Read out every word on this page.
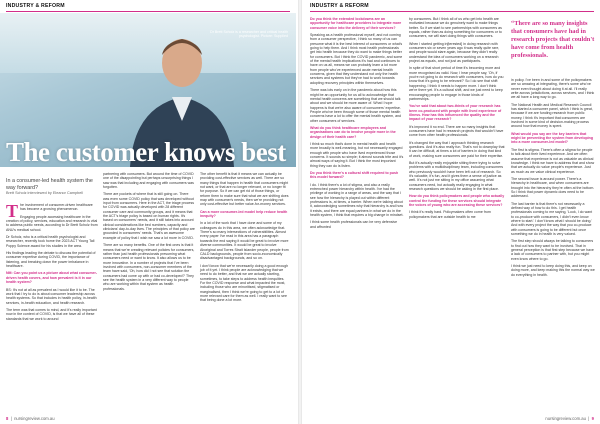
INDUSTRY & REFORM
Dr Brett Scholz is a researcher and critical health psychologist. Picture: Supplied
The customer knows best
In a consumer-led health system the way forward?
Brett Scholz interviewed by Eleanor Campbell

The involvement of consumer-driven healthcare has become a growing phenomenon.

Engaging people accessing healthcare in the creation of policy, services, education and research is vital to address public needs, according to Dr Brett Scholz from ANU's medical school.

Dr Scholz, who is a critical health psychologist and researcher, recently took home the 2023 ACT Young Tall Poppy Science award for his studies in the area.

His findings leading the debate to discuss the potential of consumer expertise during COVID, the importance of listening, and breaking down the power imbalance in healthcare.

NM: Can you point us a picture about what consumer-driven health covers, and how prevalent is it in our health system?

BS: It's not at all as prevalent as I would like it to be. The work that I try to do is about consumer leadership across health systems. So that includes in health policy, in-health services, in-health education, and health research.

The term was that comes to mind, and it's really important now in the context of COVID, is that we have all of these standards that we work to around

partnering with consumers. But around the time of COVID one of the disappointing but perhaps unsurprising things I saw was that including and engaging with consumers was forgotten.

There are pockets of where that is still going on. There was even some COVID policy that was developed without input from consumers. Here in the ACT, the triage process for COVID was actually developed with 28 different consumer care and community groups, and it means that the ACT's triage policy is based on human rights. It's based on consumers' needs, and it still takes into account clinical considerations like bed numbers, capacity and clinicians' day-to-day lives. The principles of that policy are grounded in consumers' needs. That's an awesome example of policy that I wish we saw a lot more in COVID.

There are so many benefits. One of the first ones is that it means that we're creating relevant policies for consumers, rather than just health professionals presuming what consumers need or want to know. It also allows us to be more innovative. In a number of projects that I've been involved with consumers, non-consumer members of the team have said, 'Oh, how did I not see that solution the consumers had come up with or had co-developed?' They see the health system in a very different way to people who are working within that system as health professionals.

The other benefit is that it means we can actually be providing cost-effective services as well. There are so many things that happen in health that consumers might not want, or that are no longer relevant, or no longer fit for purpose. So if we can get rid of those things, or reform them to make sure that what we are shifting does map with consumer's needs, then we're providing not only cost-effective but better value-for-money services.

Can a more consumer-led model help reduce health inequity?

In a lot of the work that I have done and some of my colleagues do in this area, we often acknowledge that. There's so many intersections of vulnerabilities. Almost every paper I've read in this area has a paragraph towards the end saying it would be great to involve more diverse communities. It would be great to involve Aboriginal and Torres Strait Islander people, people from CALD backgrounds, people from socio-economically disadvantaged backgrounds, and so on.

I don't know that we're necessarily doing a good enough job of it yet. I think people are acknowledging that we need to do better, and that we are actually starting, sometimes, to take steps to address health inequities. For the COVID response and what impacted the most, including those who are minoritised, stigmatised or marginalised, then I think we're going to get to a lot of more relevant care for them as well. I really want to see that being done a lot more.

8  |  nursingreview.com.au
INDUSTRY & REFORM

Do you think the extended lockdowns are an opportunity for healthcare providers to integrate more consumer voice into the delivery of their services?

Speaking as a health professional myself, and not coming from a consumer perspective, I think so many of us can presume what it is the best interest of consumers or what's going to help them. And I think most health professionals get into health because they do want to make things better for consumers. But I think the COVID pandemic, and some of the mental health implications it's had and continues to have on us all, means we can probably learn a lot more from people who've experienced acute mental health concerns, given that they understand not only the health services and systems but they've had to work towards adopting recovery principles within themselves.

There was lots early on in the pandemic about how this might be an opportunity for us all to acknowledge that mental health concerns are something that we should talk about and we should be more aware of. What I hope happens is that we're also aware of consumers' expertise. People who've been through some of those mental health concerns have a lot to offer the mental health system, and other consumers of services.

What do you think healthcare employees and organisations can do to involve people more in the design of their health care?

I think so much that's done in mental health and health more broadly is well-meaning, but not necessarily engaged enough with people who have lived experienced those concerns. It sounds so simple; it almost sounds trite and it's almost ways of saying it. But I think the most important thing they can do is listen.

Do you think there's a cultural shift required to push this model forward?

I do. I think there's a lot of stigma, and also a really entrenched power hierarchy within health. I've had the privilege of working in a range of areas, and the way that I see how the hierarchy is played out within different professions is, at times, a barrier. When we're talking about it, acknowledging sometimes why that hierarchy is and how it exists, and there are equal partners in what we do in the health system, I think that requires a big change in mindset.

I think some health professionals can be very defensive and affronted

by consumers. But I think all of us who get into health are motivated because we do genuinely want to make things better. So if we start to see partnerships with consumers as equals, rather than as doing something for consumers or to consumers, we will start doing things with consumers.

When I started getting in[terested] in doing research with consumers six or seven years ago it was really quite rare, and people would stare again, because they didn't really understand the idea of consumers working on a research project as equals, and not just as participants.

In spite of that short period of time it's becoming more and more recognised as valid. Now, I hear people say, 'Oh, if you're not going to do research with consumers, how do you know that it's going to be relevant?' So I do see that shift happening. I think it needs to happen more. I don't think we're there yet. It's a cultural shift, and we just need to keep encouraging people to engage in those kinds of partnerships.

You've said that about two-thirds of your research has been co-produced with people with lived experience of illness. How has this influenced the quality and the impact of your research?

It's improved it no end. There are so many insights that consumers have had in research projects that wouldn't have come from other health professionals.

It's changed the way that I approach thinking research questions. And it's also really fun. That's not to downplay that it can be difficult, at times a lot of barriers in doing that kind of work, making sure consumers are paid for their expertise.

But it's actually really enjoyable sitting there trying to solve problems with a multidisciplinary team, including consumers who previously wouldn't have been left out of research. So it's valuable, it's fun, and it gives them a sense of justice as well. It's not just me sitting in my office assuming what consumers need, but actually really engaging in what research questions we should be asking in the first place.

How do you think policymakers and people who actually control the funding for these services should integrate the voices of young who are accessing these services?

I think it's really hard. Policymakers often come from policymakers that are outside health to me

“There are so many insights that consumers have had in research projects that couldn't have come from health professionals.

in policy. I've been in and some of the policymakers are so amazing at integrating, there's some who've never even thought about doing it at all. I'll really write across jurisdictions, across services, and I think we all have a long way to go.

The National Health and Medical Research Council has started a consumer panel, which I think is great, because if we are funding research from public money, I think it's important that consumers are involved in some kind of decision-making process around how that money is spent.

What would you say are the key barriers that might be preventing the system from developing into a more consumer-led model?

The first is stigma. There's often a stigma for people to talk about their lived experience. And we often assume that experience is not as valuable as clinical knowledge. I think we have to address that and show that we actually do value people's experience. Just as much as we value clinical experience.

The second issue is around power. There's a hierarchy in healthcare, and when consumers are brought into the hierarchy they're often at the bottom. So I think that power dynamic does need to be addressed.

The last barrier is that there's not necessarily a defined way of how to do this. I get health professionals coming to me saying, 'Look, I do want to co-produce with consumers, I didn't even know where to start.' I don't know what I should be doing.' And with every project the way that you co-produce with consumers is going to be different but once something we do in health is very valued.

The first step should always be talking to consumers to find out how they want to be involved. That in general perception is that first step because we have a lack of consumers to partner with, but you might even know where to go.

I think we just need to keep doing this, and keep on doing more, and keep making this the normal way we do everything in health.

nursingreview.com.au  |  9
